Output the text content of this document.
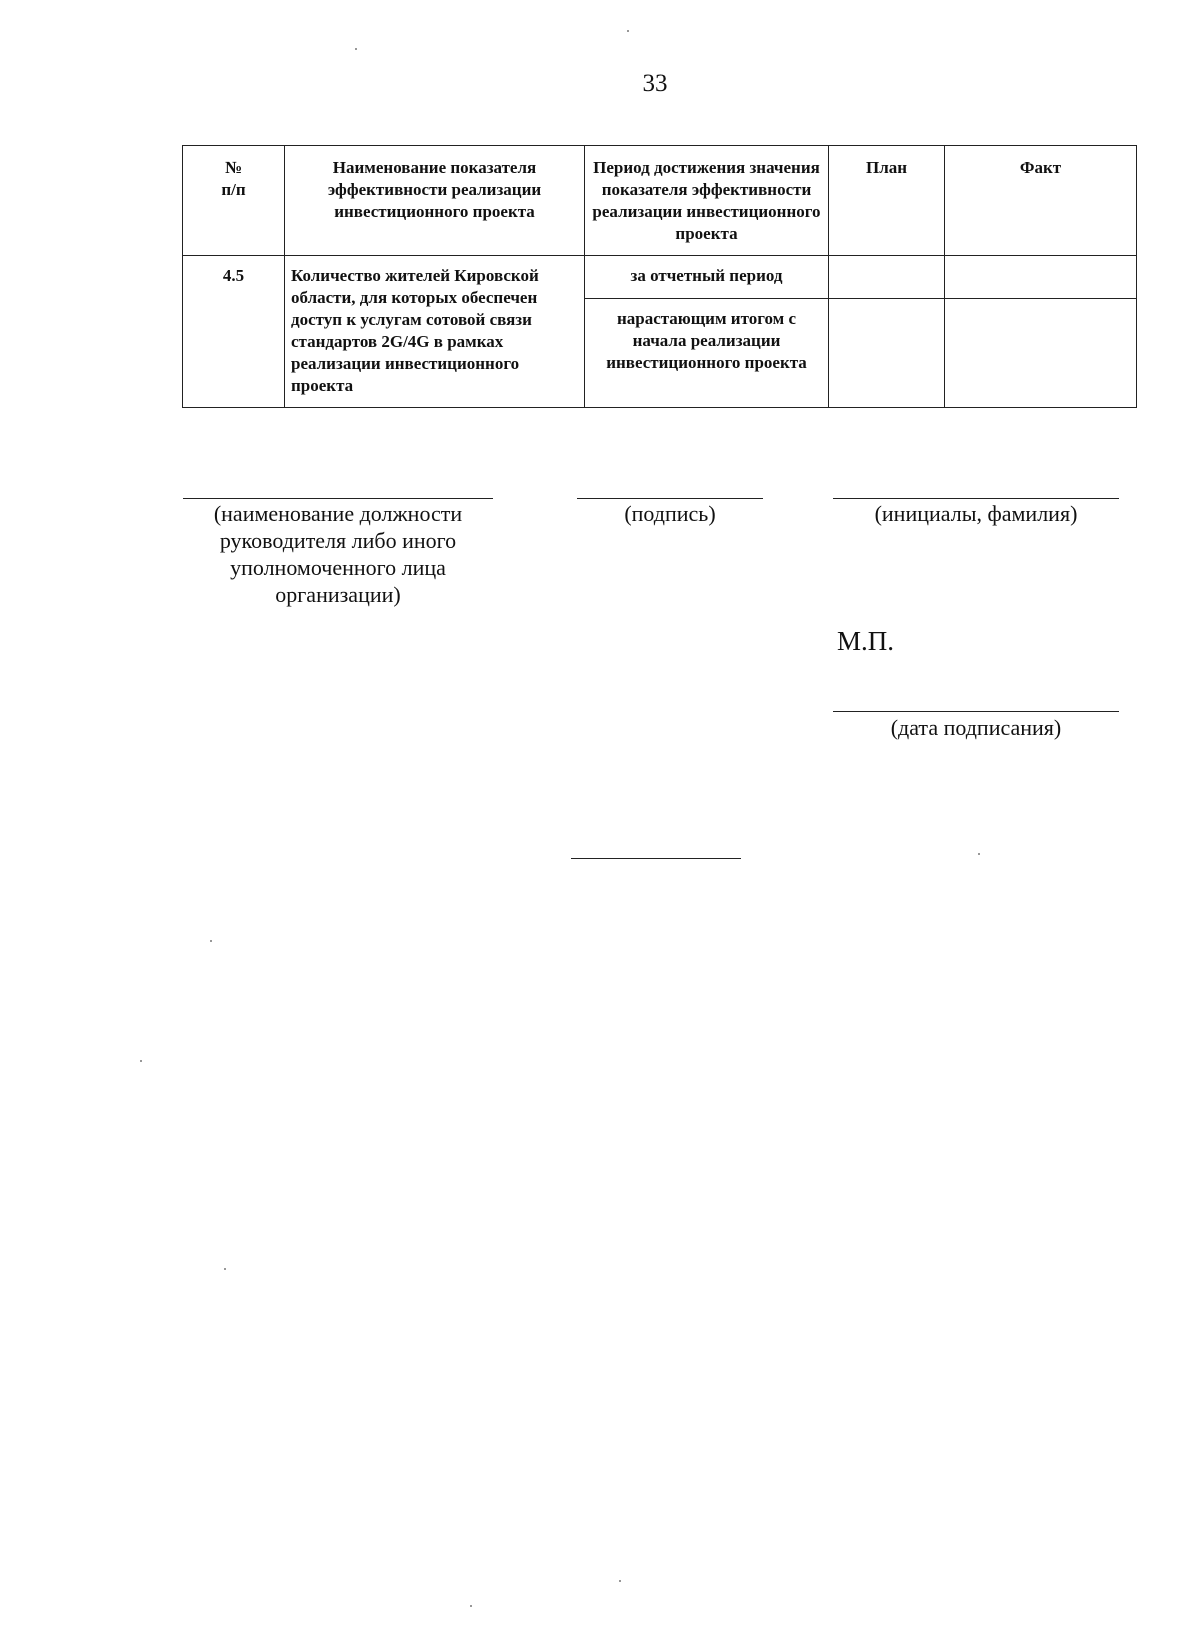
33
№
п/п	Наименование показателя эффективности реализации инвестиционного проекта	Период достижения значения показателя эффективности реализации инвестиционного проекта	План	Факт
4.5	Количество жителей Кировской области, для которых обеспечен доступ к услугам сотовой связи стандартов 2G/4G в рамках реализации инвестиционного проекта	за отчетный период		
		нарастающим итогом с начала реализации инвестиционного проекта		
(наименование должности руководителя либо иного уполномоченного лица организации)
(подпись)	(инициалы, фамилия)
М.П.
(дата подписания)
